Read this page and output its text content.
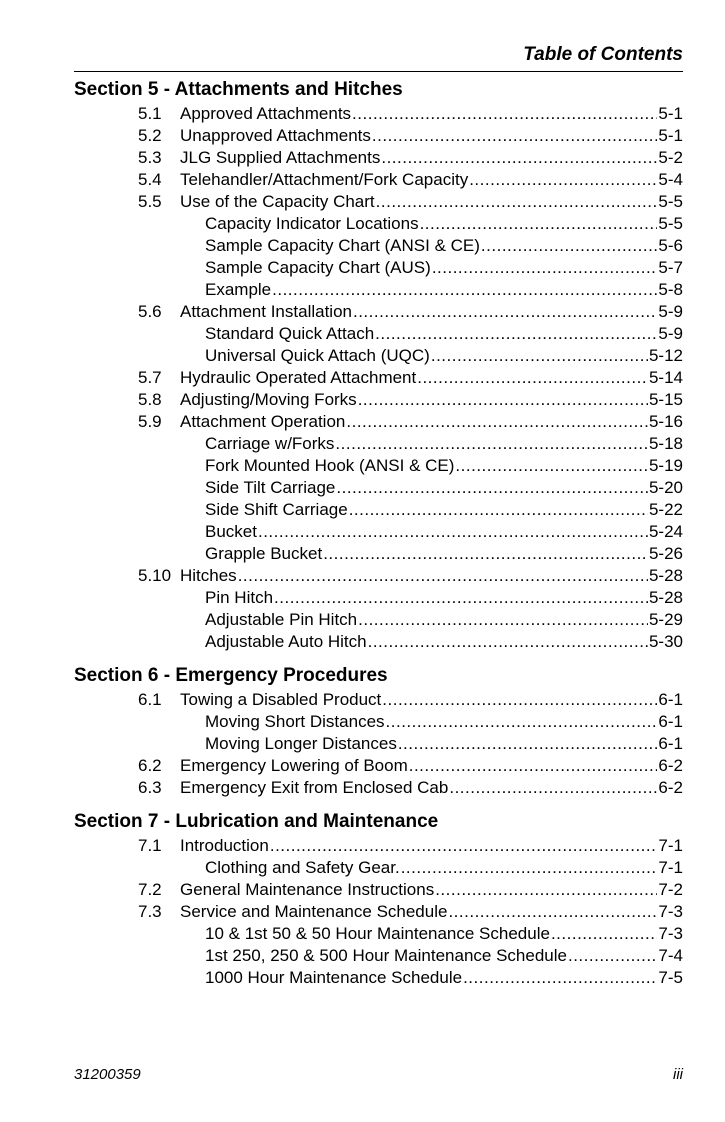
Table of Contents
Section 5 - Attachments and Hitches
5.1	Approved Attachments .....	5-1
5.2	Unapproved Attachments .....	5-1
5.3	JLG Supplied Attachments .....	5-2
5.4	Telehandler/Attachment/Fork Capacity .....	5-4
5.5	Use of the Capacity Chart .....	5-5
Capacity Indicator Locations .....	5-5
Sample Capacity Chart (ANSI & CE) .....	5-6
Sample Capacity Chart (AUS) .....	5-7
Example .....	5-8
5.6	Attachment Installation .....	5-9
Standard Quick Attach .....	5-9
Universal Quick Attach (UQC) .....	5-12
5.7	Hydraulic Operated Attachment .....	5-14
5.8	Adjusting/Moving Forks .....	5-15
5.9	Attachment Operation .....	5-16
Carriage w/Forks .....	5-18
Fork Mounted Hook (ANSI & CE) .....	5-19
Side Tilt Carriage .....	5-20
Side Shift Carriage .....	5-22
Bucket .....	5-24
Grapple Bucket .....	5-26
5.10 Hitches .....	5-28
Pin Hitch .....	5-28
Adjustable Pin Hitch .....	5-29
Adjustable Auto Hitch .....	5-30
Section 6 - Emergency Procedures
6.1	Towing a Disabled Product .....	6-1
Moving Short Distances .....	6-1
Moving Longer Distances .....	6-1
6.2	Emergency Lowering of Boom .....	6-2
6.3	Emergency Exit from Enclosed Cab .....	6-2
Section 7 - Lubrication and Maintenance
7.1	Introduction .....	7-1
Clothing and Safety Gear. .....	7-1
7.2	General Maintenance Instructions .....	7-2
7.3	Service and Maintenance Schedule .....	7-3
10 & 1st 50 & 50 Hour Maintenance Schedule .....	7-3
1st 250, 250 & 500 Hour Maintenance Schedule .....	7-4
1000 Hour Maintenance Schedule .....	7-5
31200359	iii
